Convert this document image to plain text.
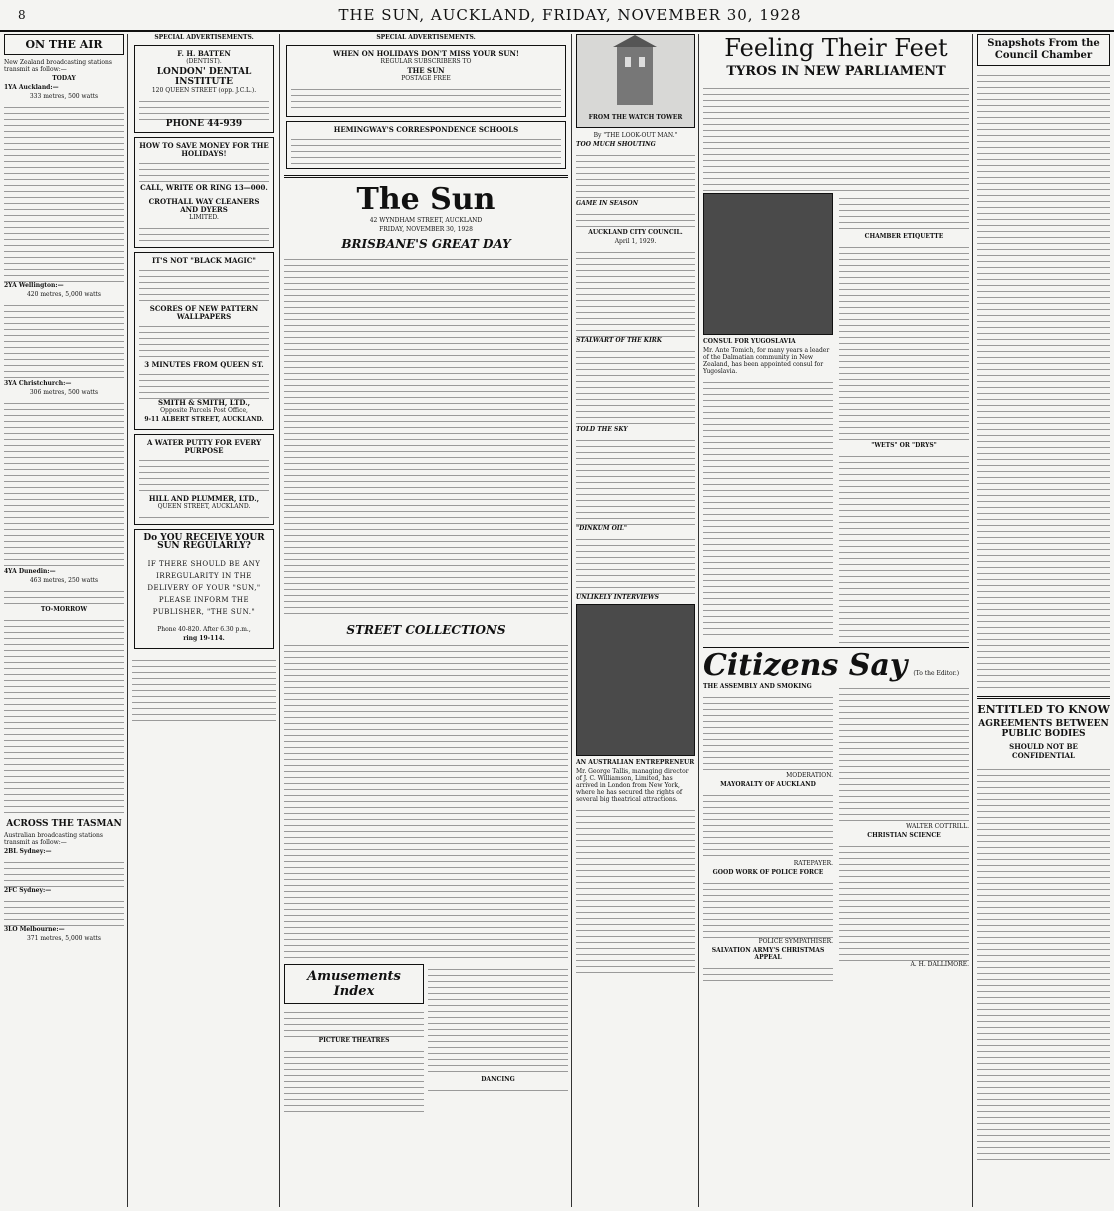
8	THE SUN, AUCKLAND, FRIDAY, NOVEMBER 30, 1928
ON THE AIR

New Zealand broadcasting stations transmit as follow:—

TODAY

1YA Auckland:—

333 metres, 500 watts

2YA Wellington:—

420 metres, 5,000 watts

3YA Christchurch:—

306 metres, 500 watts

4YA Dunedin:—

463 metres, 250 watts

TO-MORROW

ACROSS THE TASMAN

Australian broadcasting stations transmit as follow:—

2BL Sydney:—

2FC Sydney:—

3LO Melbourne:—

371 metres, 5,000 watts

SPECIAL ADVERTISEMENTS.

F. H. BATTEN
(DENTIST).
LONDON' DENTAL INSTITUTE
120 QUEEN STREET (opp. J.C.L.).
PHONE 44-939
HOW TO SAVE MONEY FOR THE HOLIDAYS!
CALL, WRITE OR RING 13—000.
CROTHALL WAY CLEANERS AND DYERS
LIMITED.
IT'S NOT "BLACK MAGIC"
SCORES OF NEW PATTERN WALLPAPERS
3 MINUTES FROM QUEEN ST.
SMITH & SMITH, LTD.,
Opposite Parcels Post Office,
9-11 ALBERT STREET, AUCKLAND.
A WATER PUTTY FOR EVERY PURPOSE
HILL AND PLUMMER, LTD.,
QUEEN STREET, AUCKLAND.
Do YOU RECEIVE YOUR
SUN REGULARLY?
IF THERE SHOULD BE ANY IRREGULARITY IN THE DELIVERY OF YOUR "SUN," PLEASE INFORM THE PUBLISHER, "THE SUN."
Phone 40-820. After 6.30 p.m.,
ring 19-114.

SPECIAL ADVERTISEMENTS.

WHEN ON HOLIDAYS DON'T MISS YOUR SUN!
REGULAR SUBSCRIBERS TO
THE SUN
POSTAGE FREE
HEMINGWAY'S CORRESPONDENCE SCHOOLS
The Sun
42 WYNDHAM STREET, AUCKLAND
FRIDAY, NOVEMBER 30, 1928
BRISBANE'S GREAT DAY
STREET COLLECTIONS
Amusements Index

PICTURE THEATRES

DANCING

FROM THE WATCH TOWER

By "THE LOOK-OUT MAN."

TOO MUCH SHOUTING

GAME IN SEASON

AUCKLAND CITY COUNCIL.

April 1, 1929.

STALWART OF THE KIRK

TOLD THE SKY

"DINKUM OIL"

UNLIKELY INTERVIEWS

AN AUSTRALIAN ENTREPRENEUR

Mr. George Tallis, managing director of J. C. Williamson, Limited, has arrived in London from New York, where he has secured the rights of several big theatrical attractions.

Feeling Their Feet
TYROS IN NEW PARLIAMENT

CONSUL FOR YUGOSLAVIA

Mr. Ante Tomich, for many years a leader of the Dalmatian community in New Zealand, has been appointed consul for Yugoslavia.

CHAMBER ETIQUETTE

"WETS" OR "DRYS"

Citizens Say (To the Editor.)

THE ASSEMBLY AND SMOKING

MODERATION.

MAYORALTY OF AUCKLAND

RATEPAYER.

GOOD WORK OF POLICE FORCE

POLICE SYMPATHISER.

SALVATION ARMY'S CHRISTMAS APPEAL

WALTER COTTRILL.

CHRISTIAN SCIENCE

A. H. DALLIMORE.

Snapshots From the
Council Chamber
ENTITLED TO KNOW
AGREEMENTS BETWEEN PUBLIC BODIES
SHOULD NOT BE CONFIDENTIAL
